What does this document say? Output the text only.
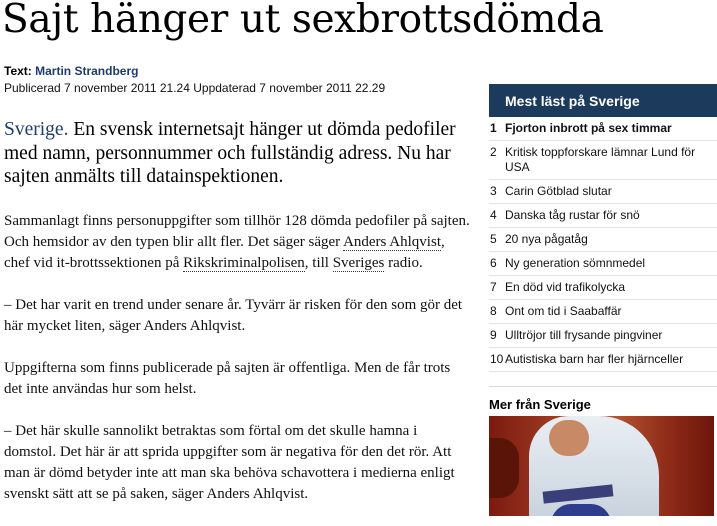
Sajt hänger ut sexbrottsdömda
Text: Martin Strandberg
Publicerad 7 november 2011 21.24 Uppdaterad 7 november 2011 22.29

Sverige. En svensk internetsajt hänger ut dömda pedofiler med namn, personnummer och fullständig adress. Nu har sajten anmälts till datainspektionen.

Sammanlagt finns personuppgifter som tillhör 128 dömda pedofiler på sajten. Och hemsidor av den typen blir allt fler. Det säger säger Anders Ahlqvist, chef vid it-brottssektionen på Rikskriminalpolisen, till Sveriges radio.

– Det har varit en trend under senare år. Tyvärr är risken för den som gör det här mycket liten, säger Anders Ahlqvist.

Uppgifterna som finns publicerade på sajten är offentliga. Men de får trots det inte användas hur som helst.

– Det här skulle sannolikt betraktas som förtal om det skulle hamna i domstol. Det här är att sprida uppgifter som är negativa för den det rör. Att man är dömd betyder inte att man ska behöva schavottera i medierna enligt svenskt sätt att se på saken, säger Anders Ahlqvist.

Mest läst på Sverige
1 Fjorton inbrott på sex timmar
2 Kritisk toppforskare lämnar Lund för USA
3 Carin Götblad slutar
4 Danska tåg rustar för snö
5 20 nya pågatåg
6 Ny generation sömnmedel
7 En död vid trafikolycka
8 Ont om tid i Saabaffär
9 Ulltröjor till frysande pingviner
10 Autistiska barn har fler hjärnceller
Mer från Sverige
